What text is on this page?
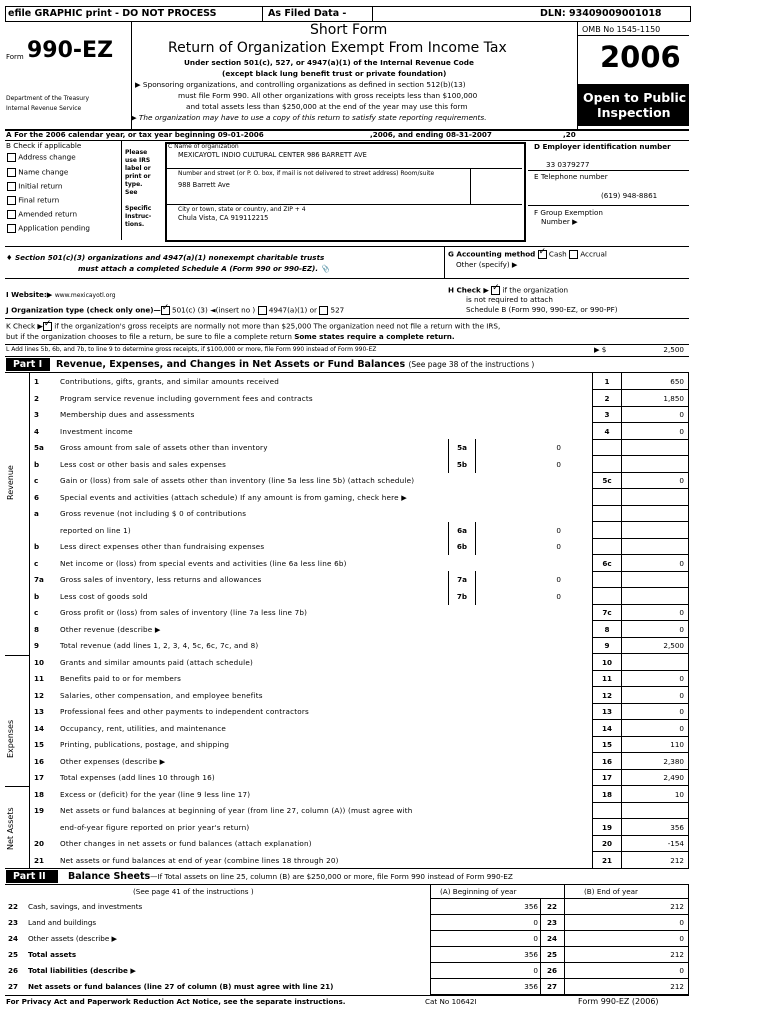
efile GRAPHIC print - DO NOT PROCESS	As Filed Data -	DLN: 93409009001018
Form 990-EZ
Department of the Treasury
Internal Revenue Service
Short Form
Return of Organization Exempt From Income Tax
Under section 501(c), 527, or 4947(a)(1) of the Internal Revenue Code
(except black lung benefit trust or private foundation)
▶ Sponsoring organizations, and controlling organizations as defined in section 512(b)(13)
must file Form 990. All other organizations with gross receipts less than $100,000
and total assets less than $250,000 at the end of the year may use this form
▶ The organization may have to use a copy of this return to satisfy state reporting requirements.
OMB No 1545-1150
2006
Open to Public
Inspection
A For the 2006 calendar year, or tax year beginning 09-01-2006	,2006, and ending 08-31-2007	,20
B Check if applicable
Address change
Name change
Initial return
Final return
Amended return
Application pending
Please
use IRS
label or
print or
type.
See
Specific
Instruc-
tions.
C Name of organization
MEXICAYOTL INDIO CULTURAL CENTER 986 BARRETT AVE
Number and street (or P. O. box, if mail is not delivered to street address) Room/suite
988 Barrett Ave
City or town, state or country, and ZIP + 4
Chula Vista, CA 919112215
D Employer identification number
33 0379277
E Telephone number
(619) 948-8861
F Group Exemption
Number ▶
♦ Section 501(c)(3) organizations and 4947(a)(1) nonexempt charitable trusts
must attach a completed Schedule A (Form 990 or 990-EZ). 📎
G Accounting method ✓ Cash Accrual
Other (specify) ▶
I Website:▶ www.mexicayotl.org
H Check ▶ ✓ if the organization
is not required to attach
Schedule B (Form 990, 990-EZ, or 990-PF)
J Organization type (check only one)— ✓ 501(c) (3) ◄(insert no ) 4947(a)(1) or 527
K Check ▶ ✓ if the organization's gross receipts are normally not more than $25,000 The organization need not file a return with the IRS,
but if the organization chooses to file a return, be sure to file a complete return Some states require a complete return.
L Add lines 5b, 6b, and 7b, to line 9 to determine gross receipts, if $100,000 or more, file Form 990 instead of Form 990-EZ	▶ $	2,500
Part I Revenue, Expenses, and Changes in Net Assets or Fund Balances (See page 38 of the instructions )
Revenue
Expenses
Net Assets
1	Contributions, gifts, grants, and similar amounts received	1	650
2	Program service revenue including government fees and contracts	2	1,850
3	Membership dues and assessments	3	0
4	Investment income	4	0
5a Gross amount from sale of assets other than inventory	5a	0
b	Less cost or other basis and sales expenses	5b	0
c	Gain or (loss) from sale of assets other than inventory (line 5a less line 5b) (attach schedule)	5c	0
6	Special events and activities (attach schedule) If any amount is from gaming, check here ▶
a	Gross revenue (not including $ 0 of contributions
reported on line 1)	6a	0
b	Less direct expenses other than fundraising expenses	6b	0
c	Net income or (loss) from special events and activities (line 6a less line 6b)	6c	0
7a Gross sales of inventory, less returns and allowances	7a	0
b	Less cost of goods sold	7b	0
c	Gross profit or (loss) from sales of inventory (line 7a less line 7b)	7c	0
8	Other revenue (describe ▶	8	0
9	Total revenue (add lines 1, 2, 3, 4, 5c, 6c, 7c, and 8)	9	2,500
10 Grants and similar amounts paid (attach schedule)	10
11 Benefits paid to or for members	11	0
12 Salaries, other compensation, and employee benefits	12	0
13 Professional fees and other payments to independent contractors	13	0
14 Occupancy, rent, utilities, and maintenance	14	0
15 Printing, publications, postage, and shipping	15	110
16 Other expenses (describe ▶	16	2,380
17 Total expenses (add lines 10 through 16)	17	2,490
18 Excess or (deficit) for the year (line 9 less line 17)	18	10
19 Net assets or fund balances at beginning of year (from line 27, column (A)) (must agree with
end-of-year figure reported on prior year's return)	19	356
20 Other changes in net assets or fund balances (attach explanation)	20	-154
21 Net assets or fund balances at end of year (combine lines 18 through 20)	21	212
Part II Balance Sheets—If Total assets on line 25, column (B) are $250,000 or more, file Form 990 instead of Form 990-EZ
(See page 41 of the instructions )	(A) Beginning of year	(B) End of year
22 Cash, savings, and investments	356	22	212
23 Land and buildings	0	23	0
24 Other assets (describe ▶	0	24	0
25 Total assets	356	25	212
26 Total liabilities (describe ▶	0	26	0
27 Net assets or fund balances (line 27 of column (B) must agree with line 21)	356	27	212
For Privacy Act and Paperwork Reduction Act Notice, see the separate instructions.	Cat No 10642I	Form 990-EZ (2006)
